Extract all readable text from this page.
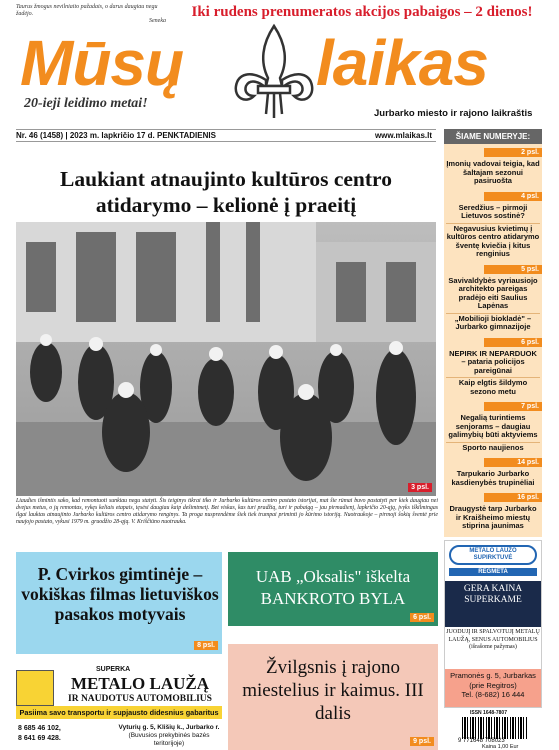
Taurus žmogus nevilniaito pažadais, o darus daugiau negu žadėjo.
Seneka
Iki rudens prenumeratos akcijos pabaigos – 2 dienos!
Mūsų laikas
20-ieji leidimo metai!
Jurbarko miesto ir rajono laikraštis
Nr. 46 (1458) | 2023 m. lapkričio 17 d. PENKTADIENIS	www.mlaikas.lt	ŠIAME NUMERYJE:
2 psl.
Įmonių vadovai teigia, kad šaltajam sezonui pasiruošta
4 psl.
Seredžius – pirmoji Lietuvos sostinė?
Negavusius kvietimų į kultūros centro atidarymo šventę kviečia į kitus renginius
5 psl.
Savivaldybės vyriausiojo architekto pareigas pradėjo eiti Saulius Lapėnas
„Mobilioji biokladė" – Jurbarko gimnazijoje
6 psl.
NEPIRK IR NEPARDUOK – pataria policijos pareigūnai
Kaip elgtis šildymo sezono metu
7 psl.
Negalią turintiems senjorams – daugiau galimybių būti aktyviems
Sporto naujienos
14 psl.
Tarpukario Jurbarko kasdienybės trupinėliai
16 psl.
Draugystė tarp Jurbarko ir Kraišheimo miestų stiprina jaunimas
Laukiant atnaujinto kultūros centro atidarymo – kelionė į praeitį
3 psl.

Liaudies išmintis sako, kad remontuoti sunkiau negu statyti. Šis teiginys tikrai tiko ir Jurbarko kultūros centro pastato istorijai, mat šie rūmai buvo pastatyti per kiek daugiau nei dvejus metus, o jų remontas, vykęs keliais etapais, tęsėsi daugiau kaip dešimtmetį. Bet viskas, kas turi pradžią, turi ir pabaigą – jau pirmadienį, lapkričio 20-ąją, įvyks iškilmingas ilgai lauktas atnaujinto Jurbarko kultūros centro atidarymo renginys. Ta proga nusprendėme šiek tiek trumpai priminti jo kūrimo istoriją. Nuotraukoje – pirmoji šokių šventė prie naujojo pastato, vykusi 1979 m. gruodžio 28-ąją. V. Kriščiūno nuotrauka.

P. Cvirkos gimtinėje – vokiškas filmas lietuviškos pasakos motyvais
8 psl.
UAB „Oksalis" iškelta BANKROTO BYLA
6 psl.
SUPERKA
METALO LAUŽĄ
IR NAUDOTUS AUTOMOBILIUS
Pasiima savo transportu ir supjausto didesnius gabaritus
8 685 46 102,
8 641 69 428.
Vyturių g. 5, Klišių k., Jurbarko r.
(Buvusios prekybinės bazės teritorijoje)
Žvilgsnis į rajono miestelius ir kaimus. III dalis
9 psl.
METALO LAUŽO SUPIRKTUVĖ
REGMETA
GERA KAINA SUPERKAME
JUODUJĮ IR SPALVOTUJĮ METALŲ LAUŽĄ, SENUS AUTOMOBILIUS
(išrašome pažymas)
Pramonės g. 5, Jurbarkas (prie Regitros)
Tel. (8-682) 16 444
ISSN 1648-7807
9 771648 708023
Kaina 1,00 Eur
